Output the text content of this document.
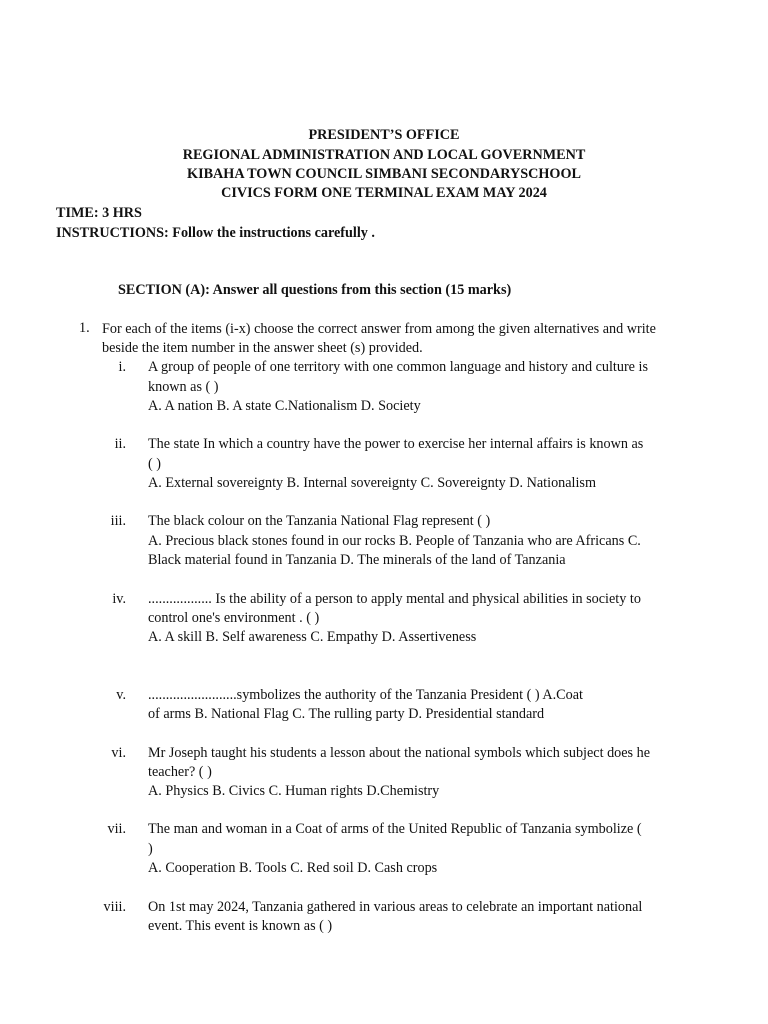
PRESIDENT’S OFFICE
REGIONAL ADMINISTRATION AND LOCAL GOVERNMENT
KIBAHA TOWN COUNCIL SIMBANI SECONDARYSCHOOL
CIVICS FORM ONE TERMINAL EXAM MAY 2024
TIME: 3 HRS
INSTRUCTIONS: Follow the instructions carefully .
SECTION (A): Answer all questions from this section (15 marks)
1. For each of the items (i-x) choose the correct answer from among the given alternatives and write
beside the item number in the answer sheet (s) provided.
i. A group of people of one territory with one common language and history and culture is
known as ( )
A. A nation B. A state C.Nationalism D. Society
ii. The state In which a country have the power to exercise her internal affairs is known as
( )
A. External sovereignty B. Internal sovereignty C. Sovereignty D. Nationalism
iii. The black colour on the Tanzania National Flag represent ( )
A. Precious black stones found in our rocks B. People of Tanzania who are Africans C.
Black material found in Tanzania D. The minerals of the land of Tanzania
iv. .................. Is the ability of a person to apply mental and physical abilities in society to
control one's environment . ( )
A. A skill B. Self awareness C. Empathy D. Assertiveness
v. .........................symbolizes the authority of the Tanzania President ( ) A.Coat
of arms B. National Flag C. The rulling party D. Presidential standard
vi. Mr Joseph taught his students a lesson about the national symbols which subject does he
teacher? ( )
A. Physics B. Civics C. Human rights D.Chemistry
vii. The man and woman in a Coat of arms of the United Republic of Tanzania symbolize (
)
A. Cooperation B. Tools C. Red soil D. Cash crops
viii. On 1st may 2024, Tanzania gathered in various areas to celebrate an important national
event. This event is known as ( )
